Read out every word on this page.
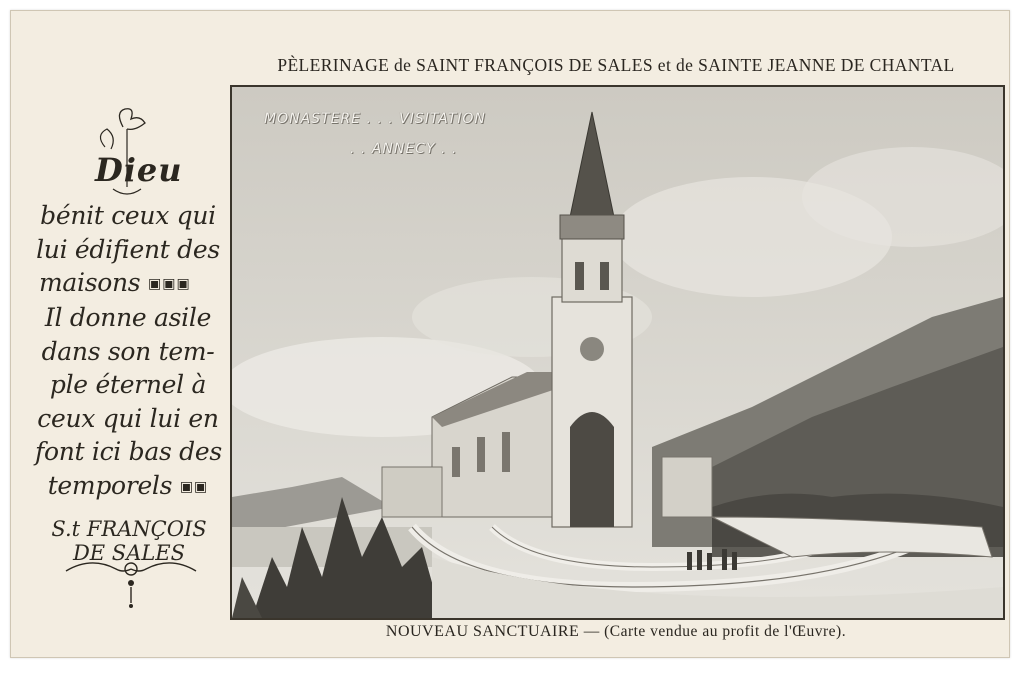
PÈLERINAGE de SAINT FRANÇOIS DE SALES et de SAINTE JEANNE DE CHANTAL
MONASTERE . . . VISITATION
. . ANNECY . .
Dieu
bénit ceux qui
lui édifient des
maisons ▣▣▣
Il donne asile
dans son tem-
ple éternel à
ceux qui lui en
font ici bas des
temporels ▣▣
S.t FRANÇOIS DE SALES
NOUVEAU SANCTUAIRE — (Carte vendue au profit de l'Œuvre).
